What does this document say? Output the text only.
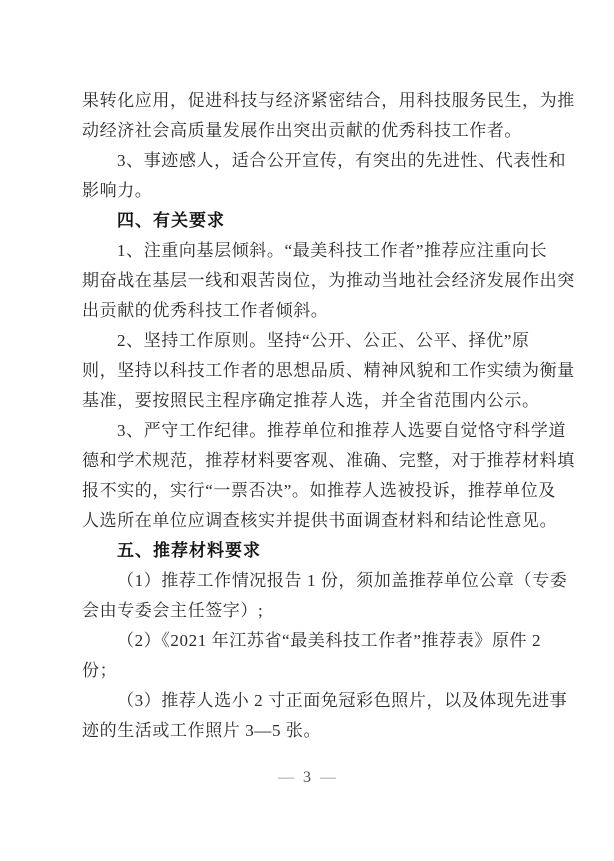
果转化应用，促进科技与经济紧密结合，用科技服务民生，为推
动经济社会高质量发展作出突出贡献的优秀科技工作者。
3、事迹感人，适合公开宣传，有突出的先进性、代表性和
影响力。
四、有关要求
1、注重向基层倾斜。“最美科技工作者”推荐应注重向长
期奋战在基层一线和艰苦岗位，为推动当地社会经济发展作出突
出贡献的优秀科技工作者倾斜。
2、坚持工作原则。坚持“公开、公正、公平、择优”原
则，坚持以科技工作者的思想品质、精神风貌和工作实绩为衡量
基准，要按照民主程序确定推荐人选，并全省范围内公示。
3、严守工作纪律。推荐单位和推荐人选要自觉恪守科学道
德和学术规范，推荐材料要客观、准确、完整，对于推荐材料填
报不实的，实行“一票否决”。如推荐人选被投诉，推荐单位及
人选所在单位应调查核实并提供书面调查材料和结论性意见。
五、推荐材料要求
（1）推荐工作情况报告 1 份，须加盖推荐单位公章（专委
会由专委会主任签字）;
（2）《2021 年江苏省“最美科技工作者”推荐表》原件 2
份；
（3）推荐人选小 2 寸正面免冠彩色照片，以及体现先进事
迹的生活或工作照片 3—5 张。
— 3 —
